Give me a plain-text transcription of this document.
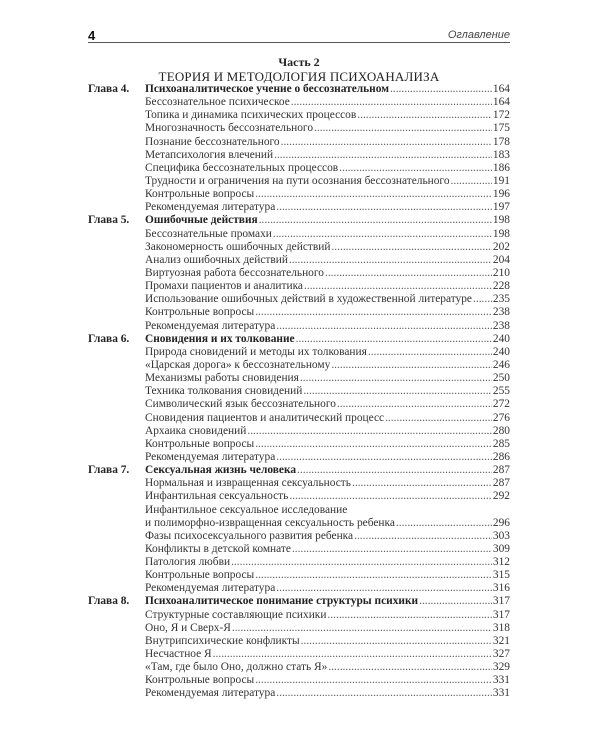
4	Оглавление
Часть 2
ТЕОРИЯ И МЕТОДОЛОГИЯ ПСИХОАНАЛИЗА
Глава 4. Психоаналитическое учение о бессознательном .....	164
Бессознательное психическое .....	164
Топика и динамика психических процессов .....	172
Многозначность бессознательного .....	175
Познание бессознательного .....	178
Метапсихология влечений .....	183
Специфика бессознательных процессов .....	186
Трудности и ограничения на пути осознания бессознательного .....	191
Контрольные вопросы .....	196
Рекомендуемая литература .....	197
Глава 5. Ошибочные действия .....	198
Бессознательные промахи .....	198
Закономерность ошибочных действий .....	202
Анализ ошибочных действий .....	204
Виртуозная работа бессознательного .....	210
Промахи пациентов и аналитика .....	228
Использование ошибочных действий в художественной литературе ..... 235
Контрольные вопросы .....	238
Рекомендуемая литература .....	238
Глава 6. Сновидения и их толкование .....	240
Природа сновидений и методы их толкования .....	240
«Царская дорога» к бессознательному .....	246
Механизмы работы сновидения .....	250
Техника толкования сновидений .....	255
Символический язык бессознательного .....	272
Сновидения пациентов и аналитический процесс .....	276
Архаика сновидений .....	280
Контрольные вопросы .....	285
Рекомендуемая литература .....	286
Глава 7. Сексуальная жизнь человека .....	287
Нормальная и извращенная сексуальность .....	287
Инфантильная сексуальность .....	292
Инфантильное сексуальное исследование
и полиморфно-извращенная сексуальность ребенка .....	296
Фазы психосексуального развития ребенка .....	303
Конфликты в детской комнате .....	309
Патология любви .....	312
Контрольные вопросы .....	315
Рекомендуемая литература .....	316
Глава 8. Психоаналитическое понимание структуры психики .....	317
Структурные составляющие психики .....	317
Оно, Я и Сверх-Я .....	318
Внутрипсихические конфликты .....	321
Несчастное Я .....	327
«Там, где было Оно, должно стать Я» .....	329
Контрольные вопросы .....	331
Рекомендуемая литература .....	331
